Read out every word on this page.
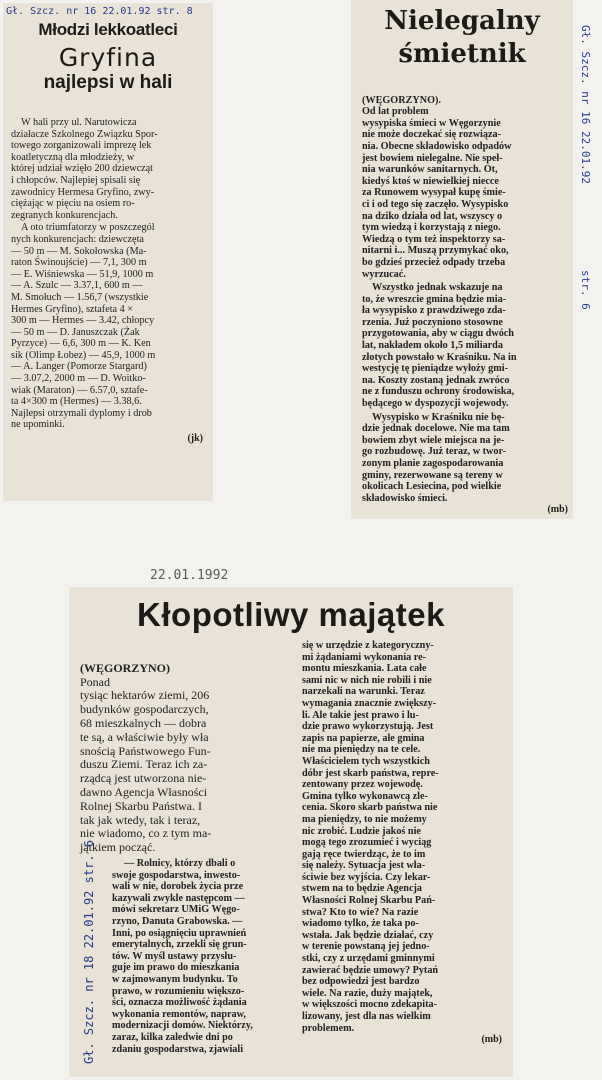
Gł. Szcz. nr 16 22.01.92 str. 8
Młodzi lekkoatleci
Gryfina
najlepsi w hali

W hali przy ul. Narutowicza
działacze Szkolnego Związku Spor-
towego zorganizowali imprezę lek
koatletyczną dla młodzieży, w
której udział wzięło 200 dziewcząt
i chłopców. Najlepiej spisali się
zawodnicy Hermesa Gryfino, zwy-
ciężając w pięciu na osiem ro-
zegranych konkurencjach.

A oto triumfatorzy w poszczegól
nych konkurencjach: dziewczęta
— 50 m — M. Sokołowska (Ma-
raton Świnoujście) — 7,1, 300 m
— E. Wiśniewska — 51,9, 1000 m
— A. Szulc — 3.37,1, 600 m —
M. Smołuch — 1.56,7 (wszystkie
Hermes Gryfino), sztafeta 4 ×
300 m — Hermes — 3.42, chłopcy
— 50 m — D. Januszczak (Żak
Pyrzyce) — 6,6, 300 m — K. Ken
sik (Olimp Łobez) — 45,9, 1000 m
— A. Langer (Pomorze Stargard)
— 3.07,2, 2000 m — D. Woitko-
wiak (Maraton) — 6.57,0, sztafe-
ta 4×300 m (Hermes) — 3.38,6.
Najlepsi otrzymali dyplomy i drob
ne upominki.

(jk)

Nielegalny
śmietnik

(WĘGORZYNO).
Od lat problem
wysypiska śmieci w Węgorzynie
nie może doczekać się rozwiąza-
nia. Obecne składowisko odpadów
jest bowiem nielegalne. Nie speł-
nia warunków sanitarnych. Ot,
kiedyś ktoś w niewielkiej niecce
za Runowem wysypał kupę śmie-
ci i od tego się zaczęło. Wysypisko
na dziko działa od lat, wszyscy o
tym wiedzą i korzystają z niego.
Wiedzą o tym też inspektorzy sa-
nitarni i... Muszą przymykać oko,
bo gdzieś przecież odpady trzeba
wyrzucać.

Wszystko jednak wskazuje na
to, że wreszcie gmina będzie mia-
ła wysypisko z prawdziwego zda-
rzenia. Już poczyniono stosowne
przygotowania, aby w ciągu dwóch
lat, nakładem około 1,5 miliarda
złotych powstało w Kraśniku. Na in
westycję tę pieniądze wyłoży gmi-
na. Koszty zostaną jednak zwróco
ne z funduszu ochrony środowiska,
będącego w dyspozycji wojewody.

Wysypisko w Kraśniku nie bę-
dzie jednak docelowe. Nie ma tam
bowiem zbyt wiele miejsca na je-
go rozbudowę. Już teraz, w twor-
zonym planie zagospodarowania
gminy, rezerwowane są tereny w
okolicach Lesiecina, pod wielkie
składowisko śmieci.

(mb)

Gł. Szcz. nr 16 22.01.92
str. 6
22.01.1992
Kłopotliwy majątek

(WĘGORZYNO)
Ponad
tysiąc hektarów ziemi, 206
budynków gospodarczych,
68 mieszkalnych — dobra
te są, a właściwie były wła
snością Państwowego Fun-
duszu Ziemi. Teraz ich za-
rządcą jest utworzona nie-
dawno Agencja Własności
Rolnej Skarbu Państwa. I
tak jak wtedy, tak i teraz,
nie wiadomo, co z tym ma-
jątkiem począć.

— Rolnicy, którzy dbali o
swoje gospodarstwa, inwesto-
wali w nie, dorobek życia prze
kazywali zwykle następcom —
mówi sekretarz UMiG Węgo-
rzyno, Danuta Grabowska. —
Inni, po osiągnięciu uprawnień
emerytalnych, zrzekli się grun-
tów. W myśl ustawy przysłu-
guje im prawo do mieszkania
w zajmowanym budynku. To
prawo, w rozumieniu większo-
ści, oznacza możliwość żądania
wykonania remontów, napraw,
modernizacji domów. Niektórzy,
zaraz, kilka zaledwie dni po
zdaniu gospodarstwa, zjawiali

Gł. Szcz. nr 18 22.01.92 str. 6

się w urzędzie z kategoryczny-
mi żądaniami wykonania re-
montu mieszkania. Lata całe
sami nic w nich nie robili i nie
narzekali na warunki. Teraz
wymagania znacznie zwiększy-
li. Ale takie jest prawo i lu-
dzie prawo wykorzystują. Jest
zapis na papierze, ale gmina
nie ma pieniędzy na te cele.
Właścicielem tych wszystkich
dóbr jest skarb państwa, repre-
zentowany przez wojewodę.
Gmina tylko wykonawcą zle-
cenia. Skoro skarb państwa nie
ma pieniędzy, to nie możemy
nic zrobić. Ludzie jakoś nie
mogą tego zrozumieć i wyciąg
gają ręce twierdząc, że to im
się należy. Sytuacja jest wła-
ściwie bez wyjścia. Czy lekar-
stwem na to będzie Agencja
Własności Rolnej Skarbu Pań-
stwa? Kto to wie? Na razie
wiadomo tylko, że taka po-
wstała. Jak będzie działać, czy
w terenie powstaną jej jedno-
stki, czy z urzędami gminnymi
zawierać będzie umowy? Pytań
bez odpowiedzi jest bardzo
wiele. Na razie, duży majątek,
w większości mocno zdekapita-
lizowany, jest dla nas wielkim
problemem.

(mb)
